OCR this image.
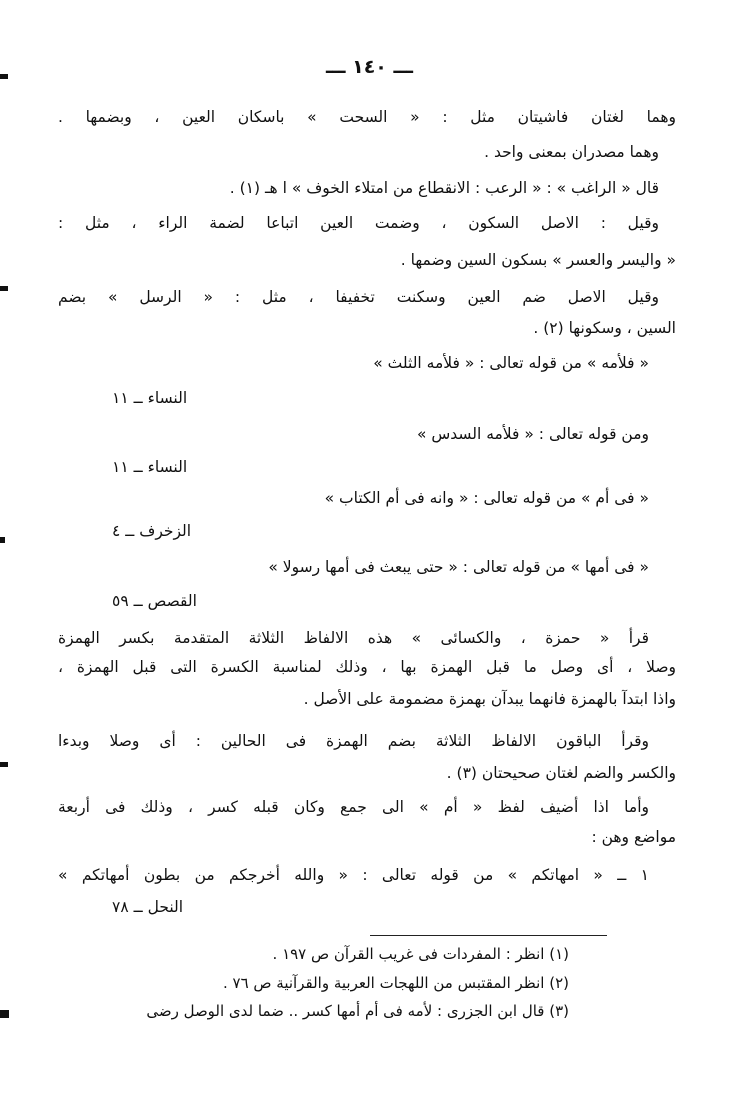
ـــ ١٤٠ ـــ
وهما لغتان فاشيتان مثل : « السحت » باسكان العين ، وبضمها .
وهما مصدران بمعنى واحد .
قال « الراغب » : « الرعب : الانقطاع من امتلاء الخوف » ا هـ (١) .
وقيل : الاصل السكون ، وضمت العين اتباعا لضمة الراء ، مثل :
« واليسر والعسر » بسكون السين وضمها .
وقيل الاصل ضم العين وسكنت تخفيفا ، مثل : « الرسل » بضم
السين ، وسكونها (٢) .
« فلأمه » من قوله تعالى : « فلأمه الثلث »
النساء ــ ١١
ومن قوله تعالى : « فلأمه السدس »
النساء ــ ١١
« فى أم » من قوله تعالى : « وانه فى أم الكتاب »
الزخرف ــ ٤
« فى أمها » من قوله تعالى : « حتى يبعث فى أمها رسولا »
القصص ــ ٥٩
قرأ « حمزة ، والكسائى » هذه الالفاظ الثلاثة المتقدمة بكسر الهمزة
وصلا ، أى وصل ما قبل الهمزة بها ، وذلك لمناسبة الكسرة التى قبل الهمزة ،
واذا ابتدآ بالهمزة فانهما يبدآن بهمزة مضمومة على الأصل .
وقرأ الباقون الالفاظ الثلاثة بضم الهمزة فى الحالين : أى وصلا وبدءا
والكسر والضم لغتان صحيحتان (٣) .
وأما اذا أضيف لفظ « أم » الى جمع وكان قبله كسر ، وذلك فى أربعة
مواضع وهن :
١ ــ « امهاتكم » من قوله تعالى : « والله أخرجكم من بطون أمهاتكم »
النحل ــ ٧٨
(١) انظر : المفردات فى غريب القرآن ص ١٩٧ .
(٢) انظر المقتبس من اللهجات العربية والقرآنية ص ٧٦ .
(٣) قال ابن الجزرى : لأمه فى أم أمها كسر .. ضما لدى الوصل رضى
